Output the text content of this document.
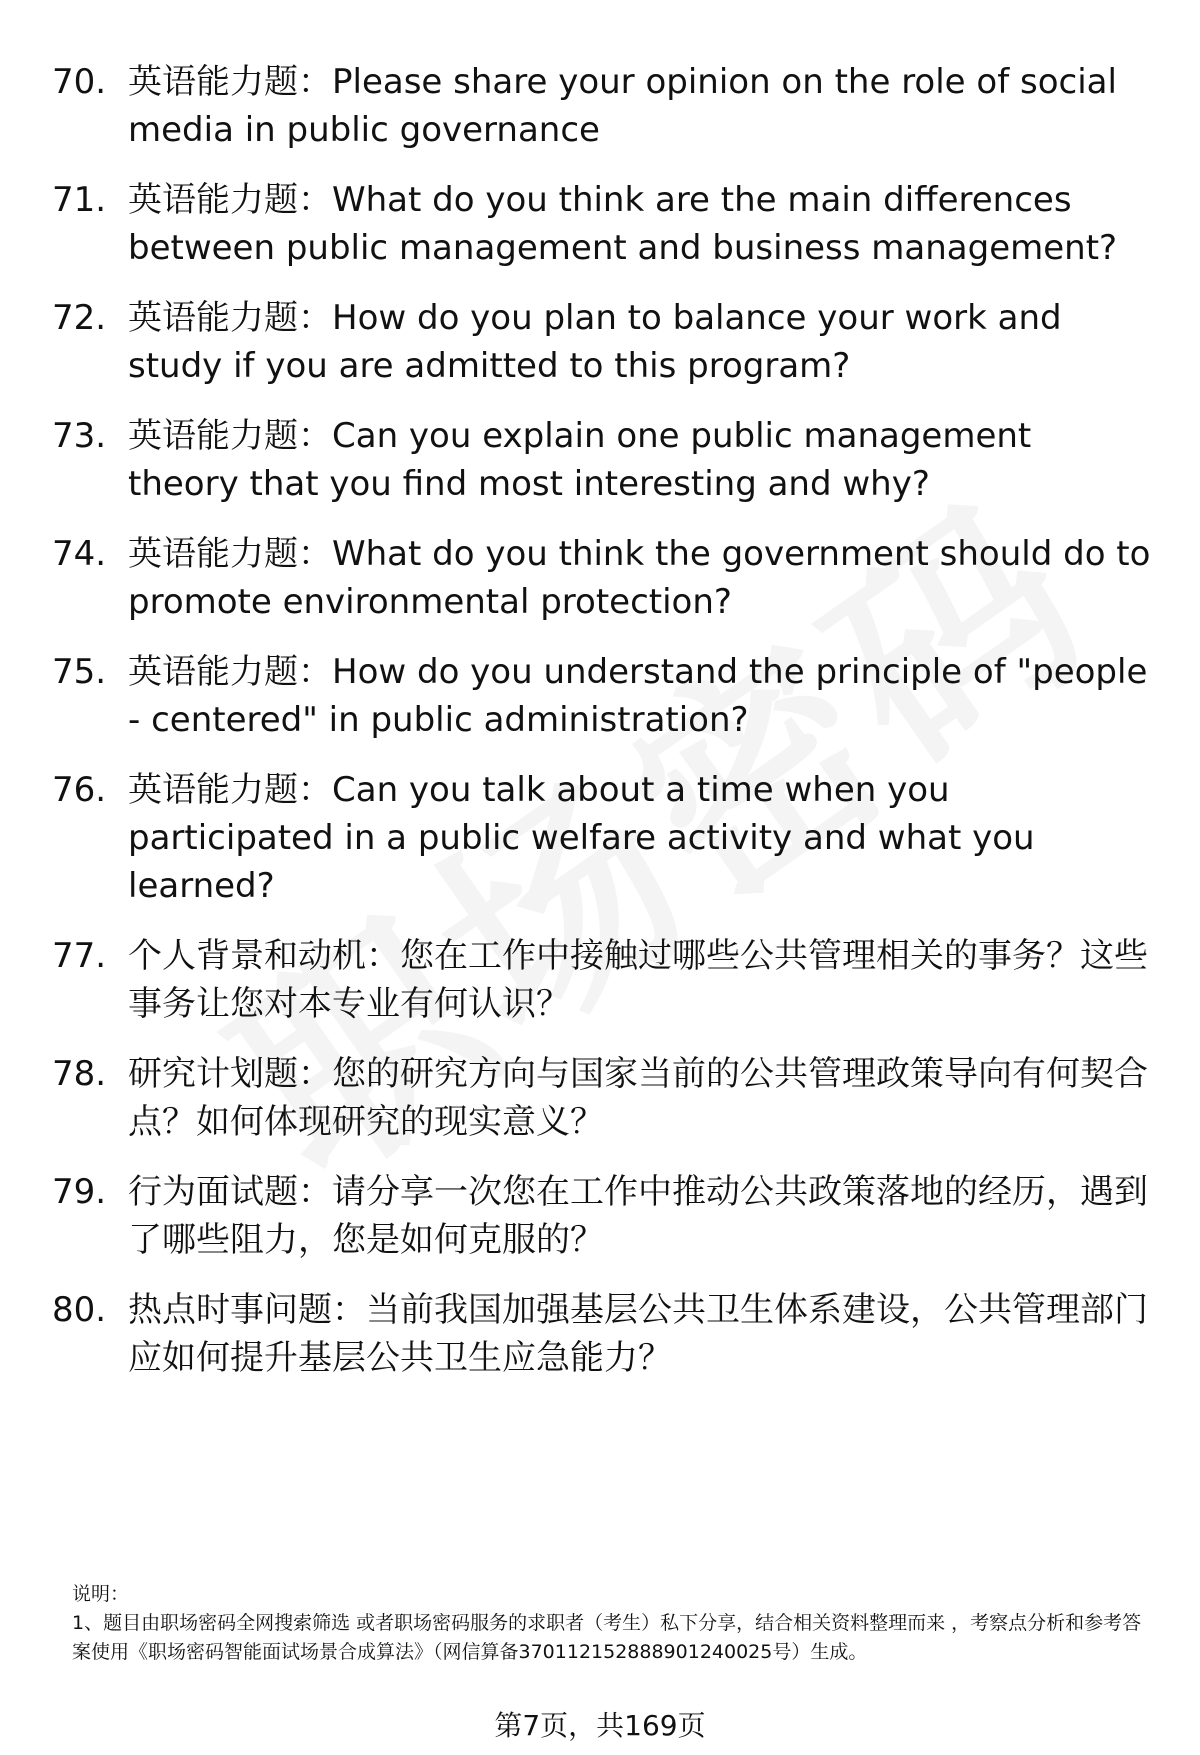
70. 英语能力题：Please share your opinion on the role of social media in public governance
71. 英语能力题：What do you think are the main differences between public management and business management?
72. 英语能力题：How do you plan to balance your work and study if you are admitted to this program?
73. 英语能力题：Can you explain one public management theory that you find most interesting and why?
74. 英语能力题：What do you think the government should do to promote environmental protection?
75. 英语能力题：How do you understand the principle of "people - centered" in public administration?
76. 英语能力题：Can you talk about a time when you participated in a public welfare activity and what you learned?
77. 个人背景和动机：您在工作中接触过哪些公共管理相关的事务？这些事务让您对本专业有何认识？
78. 研究计划题：您的研究方向与国家当前的公共管理政策导向有何契合点？如何体现研究的现实意义？
79. 行为面试题：请分享一次您在工作中推动公共政策落地的经历，遇到了哪些阻力，您是如何克服的？
80. 热点时事问题：当前我国加强基层公共卫生体系建设，公共管理部门应如何提升基层公共卫生应急能力？

说明：

1、题目由职场密码全网搜索筛选 或者职场密码服务的求职者（考生）私下分享，结合相关资料整理而来 ，考察点分析和参考答案使用《职场密码智能面试场景合成算法》（网信算备370112152888901240025号）生成。

第7页，共169页
